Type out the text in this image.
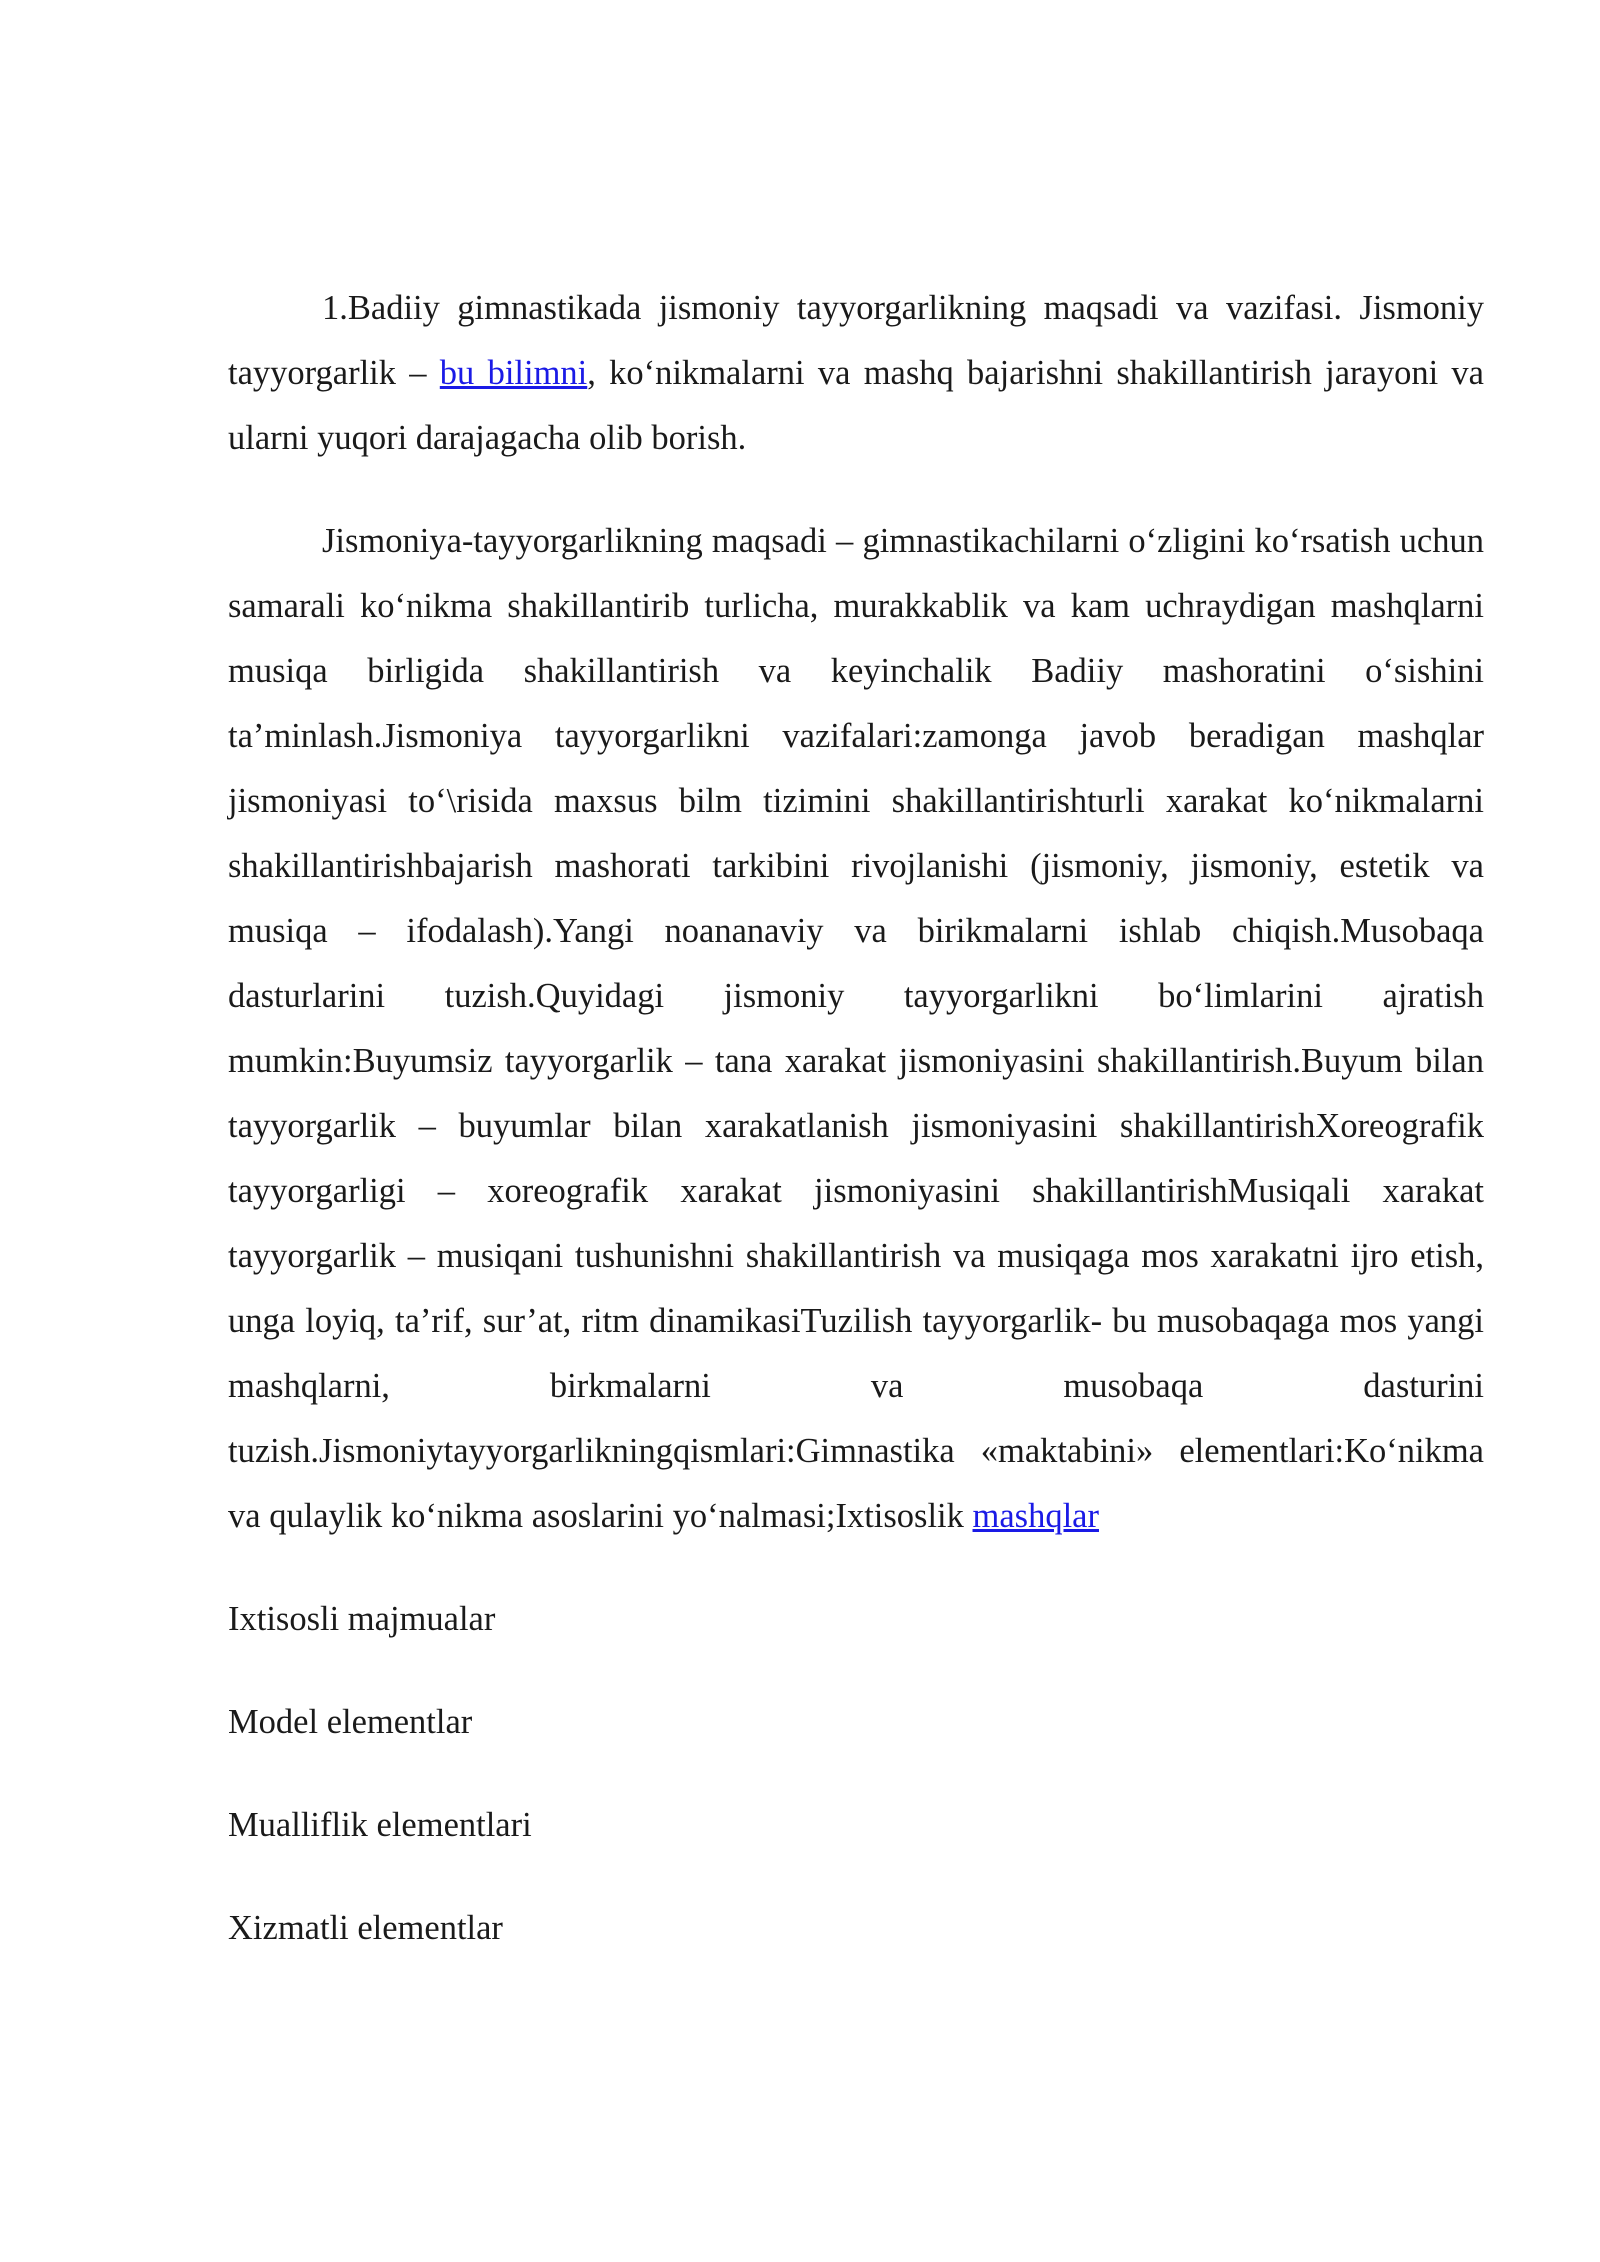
1.Badiiy gimnastikada jismoniy tayyorgarlikning maqsadi va vazifasi. Jismoniy tayyorgarlik – bu bilimni, ko‘nikmalarni va mashq bajarishni shakillantirish jarayoni va ularni yuqori darajagacha olib borish.

Jismoniya-tayyorgarlikning maqsadi – gimnastikachilarni o‘zligini ko‘rsatish uchun samarali ko‘nikma shakillantirib turlicha, murakkablik va kam uchraydigan mashqlarni musiqa birligida shakillantirish va keyinchalik Badiiy mashoratini o‘sishini ta’minlash.Jismoniya tayyorgarlikni vazifalari:zamonga javob beradigan mashqlar jismoniyasi to‘\risida maxsus bilm tizimini shakillantirishturli xarakat ko‘nikmalarni shakillantirishbajarish mashorati tarkibini rivojlanishi (jismoniy, jismoniy, estetik va musiqa – ifodalash).Yangi noananaviy va birikmalarni ishlab chiqish.Musobaqa dasturlarini tuzish.Quyidagi jismoniy tayyorgarlikni bo‘limlarini ajratish mumkin:Buyumsiz tayyorgarlik – tana xarakat jismoniyasini shakillantirish.Buyum bilan tayyorgarlik – buyumlar bilan xarakatlanish jismoniyasini shakillantirishXoreografik tayyorgarligi – xoreografik xarakat jismoniyasini shakillantirishMusiqali xarakat tayyorgarlik – musiqani tushunishni shakillantirish va musiqaga mos xarakatni ijro etish, unga loyiq, ta’rif, sur’at, ritm dinamikasiTuzilish tayyorgarlik- bu musobaqaga mos yangi mashqlarni, birkmalarni va musobaqa dasturini tuzish.Jismoniytayyorgarlikningqismlari:Gimnastika «maktabini» elementlari:Ko‘nikma va qulaylik ko‘nikma asoslarini yo‘nalmasi;Ixtisoslik mashqlar

Ixtisosli majmualar

Model elementlar

Mualliflik elementlari

Xizmatli elementlar
